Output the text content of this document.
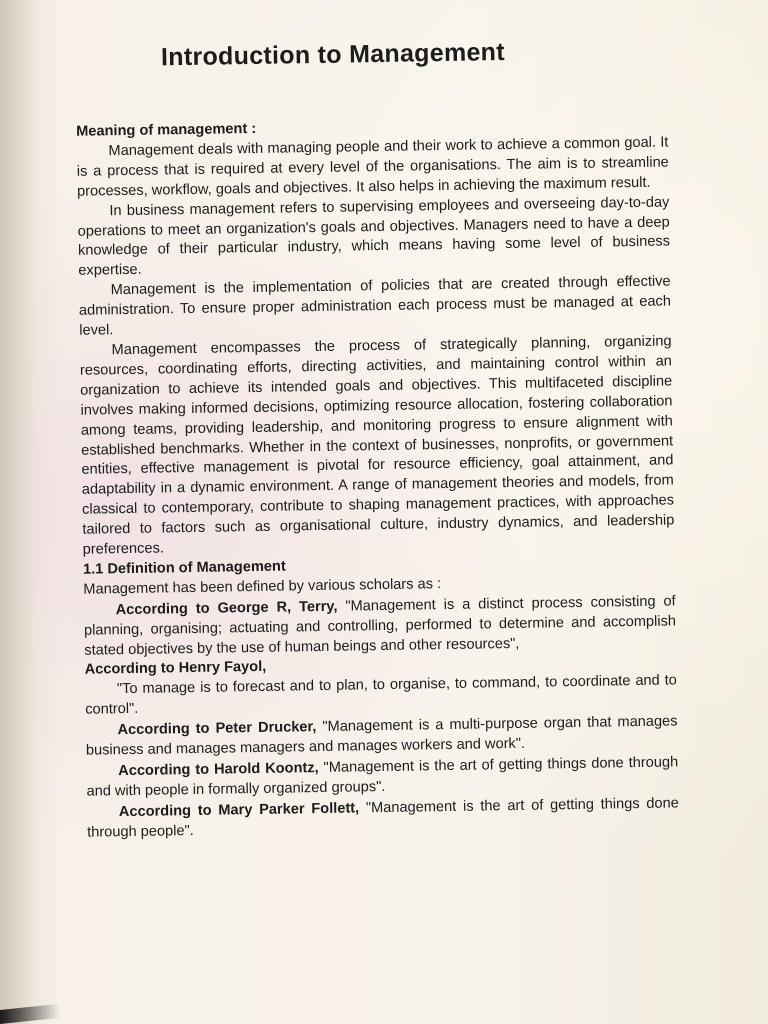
Introduction to Management

Meaning of management :

Management deals with managing people and their work to achieve a common goal. It is a process that is required at every level of the organisations. The aim is to streamline processes, workflow, goals and objectives. It also helps in achieving the maximum result.

In business management refers to supervising employees and overseeing day-to-day operations to meet an organization's goals and objectives. Managers need to have a deep knowledge of their particular industry, which means having some level of business expertise.

Management is the implementation of policies that are created through effective administration. To ensure proper administration each process must be managed at each level.

Management encompasses the process of strategically planning, organizing resources, coordinating efforts, directing activities, and maintaining control within an organization to achieve its intended goals and objectives. This multifaceted discipline involves making informed decisions, optimizing resource allocation, fostering collaboration among teams, providing leadership, and monitoring progress to ensure alignment with established benchmarks. Whether in the context of businesses, nonprofits, or government entities, effective management is pivotal for resource efficiency, goal attainment, and adaptability in a dynamic environment. A range of management theories and models, from classical to contemporary, contribute to shaping management practices, with approaches tailored to factors such as organisational culture, industry dynamics, and leadership preferences.

1.1 Definition of Management

Management has been defined by various scholars as :

According to George R, Terry, "Management is a distinct process consisting of planning, organising; actuating and controlling, performed to determine and accomplish stated objectives by the use of human beings and other resources",

According to Henry Fayol,

"To manage is to forecast and to plan, to organise, to command, to coordinate and to control".

According to Peter Drucker, "Management is a multi-purpose organ that manages business and manages managers and manages workers and work".

According to Harold Koontz, "Management is the art of getting things done through and with people in formally organized groups".

According to Mary Parker Follett, "Management is the art of getting things done through people".
